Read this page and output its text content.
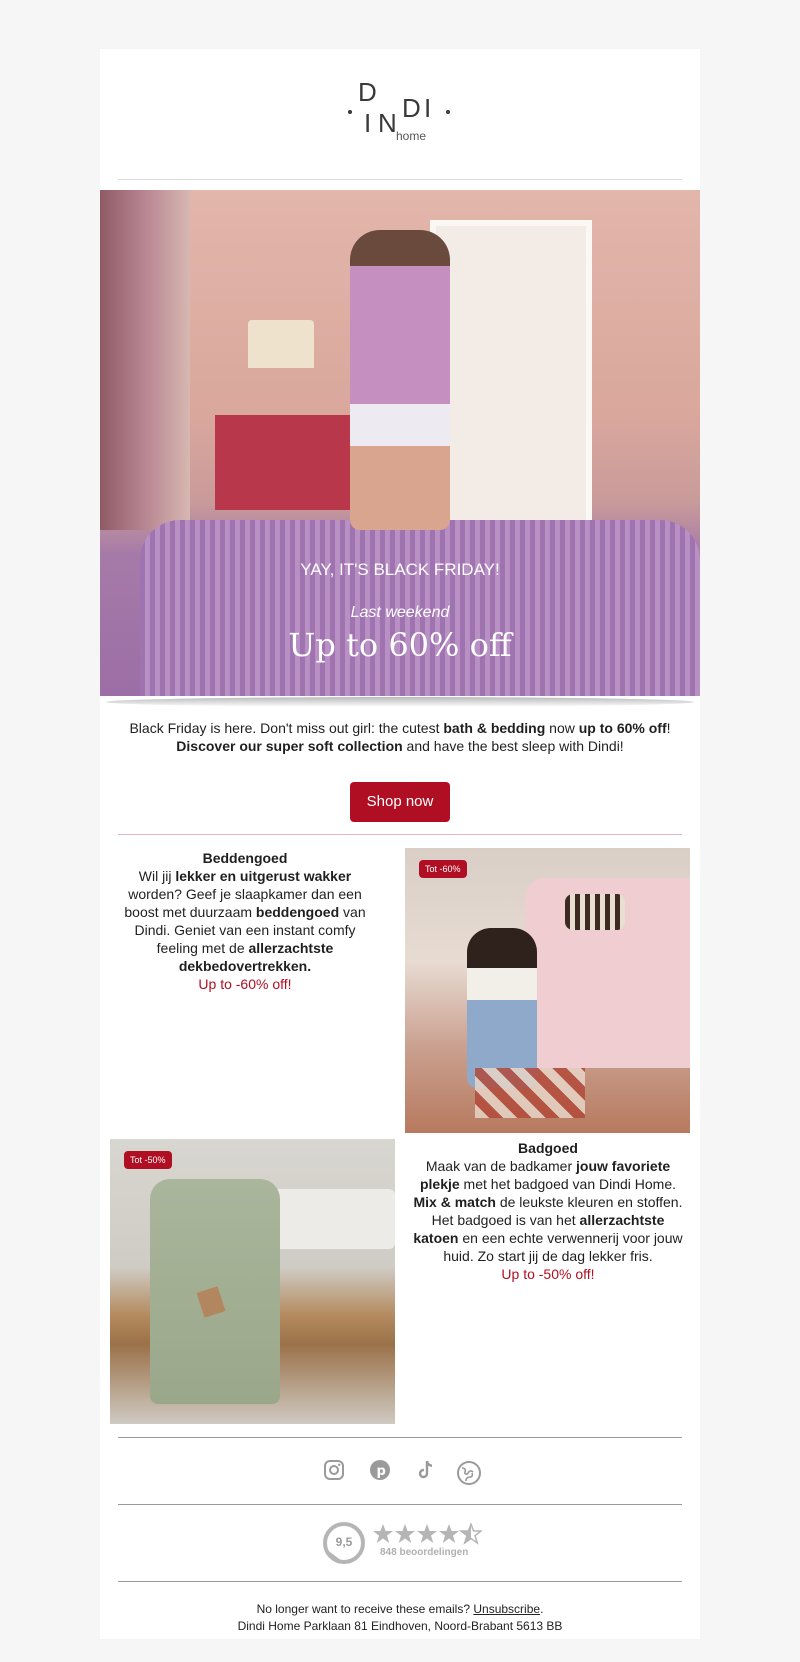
D
I N D I
home
YAY, IT'S BLACK FRIDAY!
Last weekend
Up to 60% off
Black Friday is here. Don't miss out girl: the cutest bath & bedding now up to 60% off!
Discover our super soft collection and have the best sleep with Dindi!
Shop now
Beddengoed
Wil jij lekker en uitgerust wakker worden? Geef je slaapkamer dan een boost met duurzaam beddengoed van Dindi. Geniet van een instant comfy feeling met de allerzachtste dekbedovertrekken.
Up to -60% off!
Tot -60%
Tot -50%
Badgoed
Maak van de badkamer jouw favoriete plekje met het badgoed van Dindi Home. Mix & match de leukste kleuren en stoffen. Het badgoed is van het allerzachtste katoen en een echte verwennerij voor jouw huid. Zo start jij de dag lekker fris.
Up to -50% off!
p
9,5
848 beoordelingen
No longer want to receive these emails? Unsubscribe.
Dindi Home Parklaan 81 Eindhoven, Noord-Brabant 5613 BB
